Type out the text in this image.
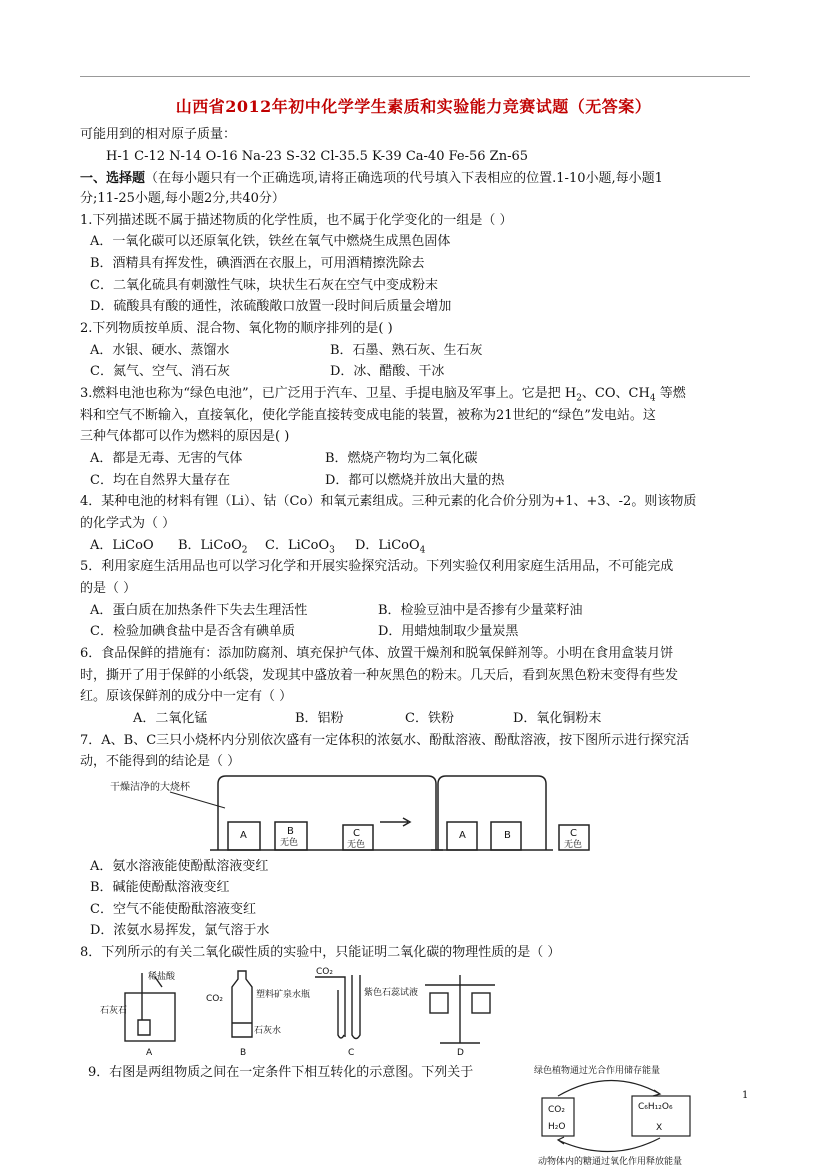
山西省2012年初中化学学生素质和实验能力竞赛试题（无答案）
可能用到的相对原子质量：
H-1 C-12 N-14 O-16 Na-23 S-32 Cl-35.5 K-39 Ca-40 Fe-56 Zn-65
一、选择题（在每小题只有一个正确选项,请将正确选项的代号填入下表相应的位置.1-10小题,每小题1
分;11-25小题,每小题2分,共40分）
1.下列描述既不属于描述物质的化学性质，也不属于化学变化的一组是（ ）
A．一氧化碳可以还原氧化铁，铁丝在氧气中燃烧生成黑色固体
B．酒精具有挥发性，碘酒洒在衣服上，可用酒精擦洗除去
C．二氧化硫具有刺激性气味，块状生石灰在空气中变成粉末
D．硫酸具有酸的通性，浓硫酸敞口放置一段时间后质量会增加
2.下列物质按单质、混合物、氧化物的顺序排列的是( )
A．水银、硬水、蒸馏水	B．石墨、熟石灰、生石灰
C．氮气、空气、消石灰	D．冰、醋酸、干冰
3.燃料电池也称为“绿色电池”，已广泛用于汽车、卫星、手提电脑及军事上。它是把 $H_2$、CO、$CH_4$ 等燃
料和空气不断输入，直接氧化，使化学能直接转变成电能的装置，被称为21世纪的“绿色”发电站。这
三种气体都可以作为燃料的原因是( )
A．都是无毒、无害的气体	B．燃烧产物均为二氧化碳
C．均在自然界大量存在	D．都可以燃烧并放出大量的热
4．某种电池的材料有锂（Li）、钴（Co）和氧元素组成。三种元素的化合价分别为+1、+3、-2。则该物质
的化学式为（ ）
A．LiCoO B．LiCoO$_2$ C．LiCoO$_3$ D．LiCoO$_4$
5．利用家庭生活用品也可以学习化学和开展实验探究活动。下列实验仅利用家庭生活用品，不可能完成
的是（ ）
A．蛋白质在加热条件下失去生理活性	B．检验豆油中是否掺有少量菜籽油
C．检验加碘食盐中是否含有碘单质	D．用蜡烛制取少量炭黑
6．食品保鲜的措施有：添加防腐剂、填充保护气体、放置干燥剂和脱氧保鲜剂等。小明在食用盒装月饼
时，撕开了用于保鲜的小纸袋，发现其中盛放着一种灰黑色的粉末。几天后，看到灰黑色粉末变得有些发
红。原该保鲜剂的成分中一定有（ ）
A．二氧化锰	B．铝粉	C．铁粉	D．氧化铜粉末
7．A、B、C三只小烧杯内分别依次盛有一定体积的浓氨水、酚酞溶液、酚酞溶液，按下图所示进行探究活
动，不能得到的结论是（ ）
干燥洁净的大烧杯
A	B
无色
C
无色
A	B	C
无色
A．氨水溶液能使酚酞溶液变红
B．碱能使酚酞溶液变红
C．空气不能使酚酞溶液变红
D．浓氨水易挥发，氯气溶于水
8．下列所示的有关二氧化碳性质的实验中，只能证明二氧化碳的物理性质的是（ ）
稀盐酸
石灰石
CO₂	塑料矿泉水瓶
石灰水
CO₂
紫色石蕊试液
A	B	C	D
9．右图是两组物质之间在一定条件下相互转化的示意图。下列关于	绿色植物通过光合作用储存能量
CO₂
H₂O
C₆H₁₂O₆
X
动物体内的糖通过氧化作用释放能量
1
